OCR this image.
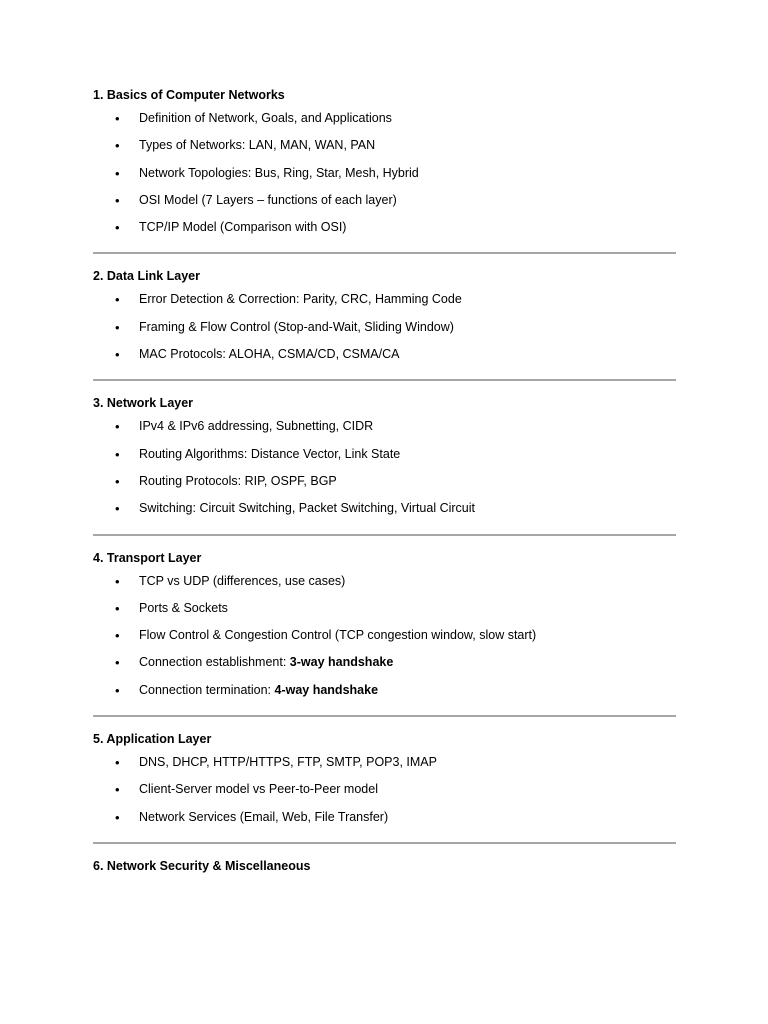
1. Basics of Computer Networks

• Definition of Network, Goals, and Applications
• Types of Networks: LAN, MAN, WAN, PAN
• Network Topologies: Bus, Ring, Star, Mesh, Hybrid
• OSI Model (7 Layers – functions of each layer)
• TCP/IP Model (Comparison with OSI)

2. Data Link Layer

• Error Detection & Correction: Parity, CRC, Hamming Code
• Framing & Flow Control (Stop-and-Wait, Sliding Window)
• MAC Protocols: ALOHA, CSMA/CD, CSMA/CA

3. Network Layer

• IPv4 & IPv6 addressing, Subnetting, CIDR
• Routing Algorithms: Distance Vector, Link State
• Routing Protocols: RIP, OSPF, BGP
• Switching: Circuit Switching, Packet Switching, Virtual Circuit

4. Transport Layer

• TCP vs UDP (differences, use cases)
• Ports & Sockets
• Flow Control & Congestion Control (TCP congestion window, slow start)
• Connection establishment: 3-way handshake
• Connection termination: 4-way handshake

5. Application Layer

• DNS, DHCP, HTTP/HTTPS, FTP, SMTP, POP3, IMAP
• Client-Server model vs Peer-to-Peer model
• Network Services (Email, Web, File Transfer)

6. Network Security & Miscellaneous
